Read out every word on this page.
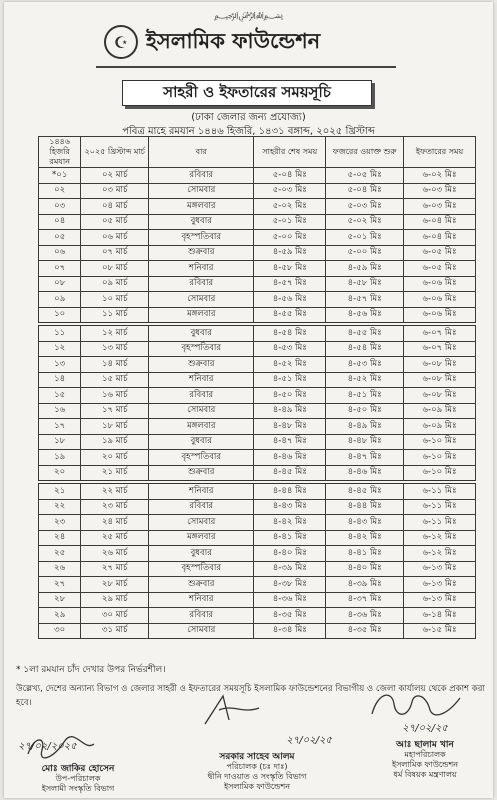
﷽
☪ ইসলামিক ফাউন্ডেশন
সাহরী ও ইফতারের সময়সূচি
(ঢাকা জেলার জন্য প্রযোজ্য)
পবিত্র মাহে রমযান ১৪৪৬ হিজরি, ১৪৩১ বঙ্গাব্দ, ২০২৫ খ্রিস্টাব্দ
১৪৪৬ হিজরি রমযান	২০২৫ খ্রিস্টাব্দ মার্চ	বার	সাহরীর শেষ সময়	ফজরের ওয়াক্ত শুরু	ইফতারের সময়
*০১	০২ মার্চ	রবিবার	৫-০৪ মিঃ	৫-০৫ মিঃ	৬-০২ মিঃ
০২	০৩ মার্চ	সোমবার	৫-০৩ মিঃ	৫-০৪ মিঃ	৬-০৩ মিঃ
০৩	০৪ মার্চ	মঙ্গলবার	৫-০২ মিঃ	৫-০৩ মিঃ	৬-০৩ মিঃ
০৪	০৫ মার্চ	বুধবার	৫-০১ মিঃ	৫-০২ মিঃ	৬-০৪ মিঃ
০৫	০৬ মার্চ	বৃহস্পতিবার	৫-০০ মিঃ	৫-০১ মিঃ	৬-০৪ মিঃ
০৬	০৭ মার্চ	শুক্রবার	৪-৫৯ মিঃ	৫-০০ মিঃ	৬-০৫ মিঃ
০৭	০৮ মার্চ	শনিবার	৪-৫৮ মিঃ	৪-৫৯ মিঃ	৬-০৫ মিঃ
০৮	০৯ মার্চ	রবিবার	৪-৫৭ মিঃ	৪-৫৮ মিঃ	৬-০৬ মিঃ
০৯	১০ মার্চ	সোমবার	৪-৫৬ মিঃ	৪-৫৭ মিঃ	৬-০৬ মিঃ
১০	১১ মার্চ	মঙ্গলবার	৪-৫৫ মিঃ	৪-৫৬ মিঃ	৬-০৬ মিঃ
১১	১২ মার্চ	বুধবার	৪-৫৪ মিঃ	৪-৫৫ মিঃ	৬-০৭ মিঃ
১২	১৩ মার্চ	বৃহস্পতিবার	৪-৫৩ মিঃ	৪-৫৪ মিঃ	৬-০৭ মিঃ
১৩	১৪ মার্চ	শুক্রবার	৪-৫২ মিঃ	৪-৫৩ মিঃ	৬-০৮ মিঃ
১৪	১৫ মার্চ	শনিবার	৪-৫১ মিঃ	৪-৫২ মিঃ	৬-০৮ মিঃ
১৫	১৬ মার্চ	রবিবার	৪-৫০ মিঃ	৪-৫১ মিঃ	৬-০৮ মিঃ
১৬	১৭ মার্চ	সোমবার	৪-৪৯ মিঃ	৪-৫০ মিঃ	৬-০৯ মিঃ
১৭	১৮ মার্চ	মঙ্গলবার	৪-৪৮ মিঃ	৪-৪৯ মিঃ	৬-০৯ মিঃ
১৮	১৯ মার্চ	বুধবার	৪-৪৭ মিঃ	৪-৪৮ মিঃ	৬-১০ মিঃ
১৯	২০ মার্চ	বৃহস্পতিবার	৪-৪৬ মিঃ	৪-৪৭ মিঃ	৬-১০ মিঃ
২০	২১ মার্চ	শুক্রবার	৪-৪৫ মিঃ	৪-৪৬ মিঃ	৬-১০ মিঃ
২১	২২ মার্চ	শনিবার	৪-৪৪ মিঃ	৪-৪৫ মিঃ	৬-১১ মিঃ
২২	২৩ মার্চ	রবিবার	৪-৪৩ মিঃ	৪-৪৪ মিঃ	৬-১১ মিঃ
২৩	২৪ মার্চ	সোমবার	৪-৪২ মিঃ	৪-৪৩ মিঃ	৬-১১ মিঃ
২৪	২৫ মার্চ	মঙ্গলবার	৪-৪১ মিঃ	৪-৪২ মিঃ	৬-১২ মিঃ
২৫	২৬ মার্চ	বুধবার	৪-৪০ মিঃ	৪-৪১ মিঃ	৬-১২ মিঃ
২৬	২৭ মার্চ	বৃহস্পতিবার	৪-৩৯ মিঃ	৪-৪০ মিঃ	৬-১৩ মিঃ
২৭	২৮ মার্চ	শুক্রবার	৪-৩৮ মিঃ	৪-৩৯ মিঃ	৬-১৩ মিঃ
২৮	২৯ মার্চ	শনিবার	৪-৩৬ মিঃ	৪-৩৭ মিঃ	৬-১৩ মিঃ
২৯	৩০ মার্চ	রবিবার	৪-৩৫ মিঃ	৪-৩৬ মিঃ	৬-১৪ মিঃ
৩০	৩১ মার্চ	সোমবার	৪-৩৪ মিঃ	৪-৩৫ মিঃ	৬-১৫ মিঃ
* ১লা রমযান চাঁদ দেখার উপর নির্ভরশীল।
উল্লেখ্য, দেশের অন্যান্য বিভাগ ও জেলার সাহরী ও ইফতারের সময়সূচি ইসলামিক ফাউন্ডেশনের বিভাগীয় ও জেলা কার্যালয় থেকে প্রকাশ করা হবে।
২৭/০২/২০২৫
মোঃ জাকির হোসেন
উপ-পরিচালক
ইসলামী সংস্কৃতি বিভাগ
২৭/০২/২৫
সরকার সাহেব আলম
পরিচালক (চঃ দাঃ)
দ্বীনি দাওয়াত ও সংস্কৃতি বিভাগ
ইসলামিক ফাউন্ডেশন
২৭/০২/২৫
আঃ ছালাম খান
মহাপরিচালক
ইসলামিক ফাউন্ডেশন
ধর্ম বিষয়ক মন্ত্রণালয়
